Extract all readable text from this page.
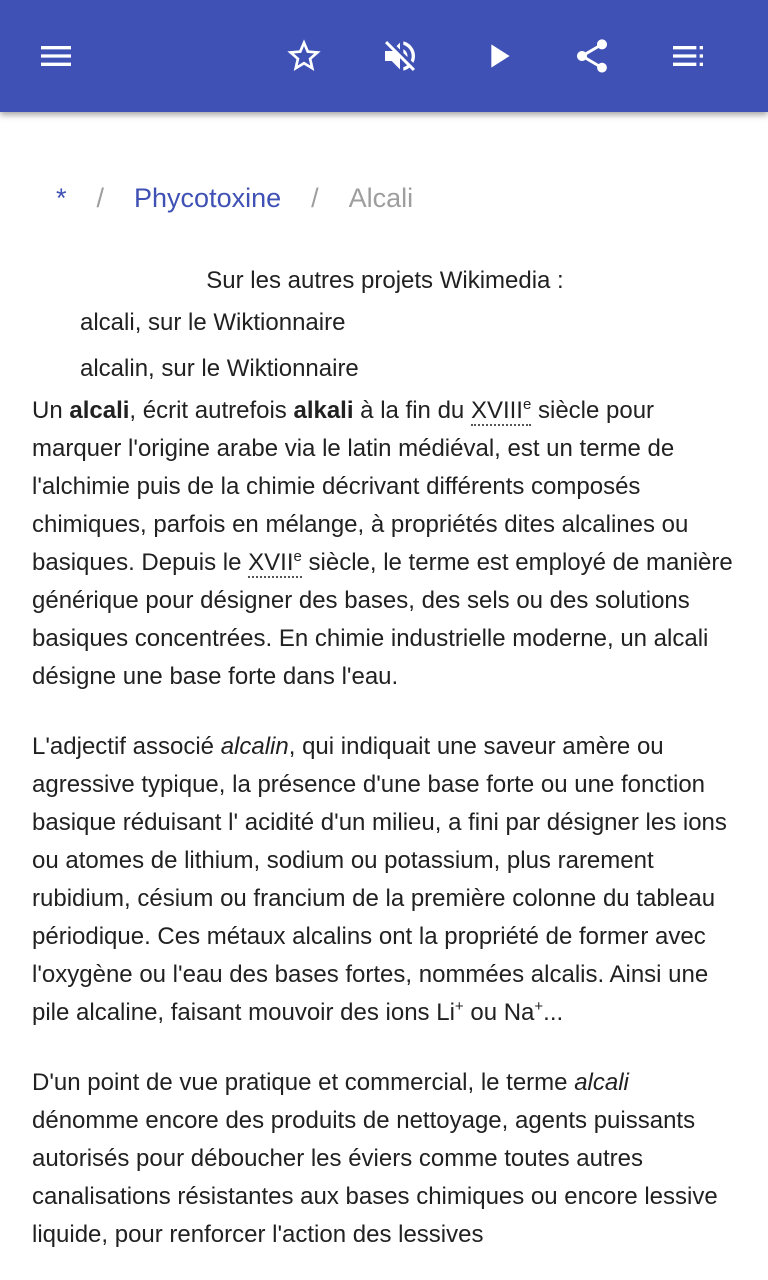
* / Phycotoxine / Alcali
Sur les autres projets Wikimedia :
alcali, sur le Wiktionnaire
alcalin, sur le Wiktionnaire

Un alcali, écrit autrefois alkali à la fin du XVIIIe siècle pour marquer l'origine arabe via le latin médiéval, est un terme de l'alchimie puis de la chimie décrivant différents composés chimiques, parfois en mélange, à propriétés dites alcalines ou basiques. Depuis le XVIIe siècle, le terme est employé de manière générique pour désigner des bases, des sels ou des solutions basiques concentrées. En chimie industrielle moderne, un alcali désigne une base forte dans l'eau.

L'adjectif associé alcalin, qui indiquait une saveur amère ou agressive typique, la présence d'une base forte ou une fonction basique réduisant l' acidité d'un milieu, a fini par désigner les ions ou atomes de lithium, sodium ou potassium, plus rarement rubidium, césium ou francium de la première colonne du tableau périodique. Ces métaux alcalins ont la propriété de former avec l'oxygène ou l'eau des bases fortes, nommées alcalis. Ainsi une pile alcaline, faisant mouvoir des ions Li+ ou Na+...

D'un point de vue pratique et commercial, le terme alcali dénomme encore des produits de nettoyage, agents puissants autorisés pour déboucher les éviers comme toutes autres canalisations résistantes aux bases chimiques ou encore lessive liquide, pour renforcer l'action des lessives
